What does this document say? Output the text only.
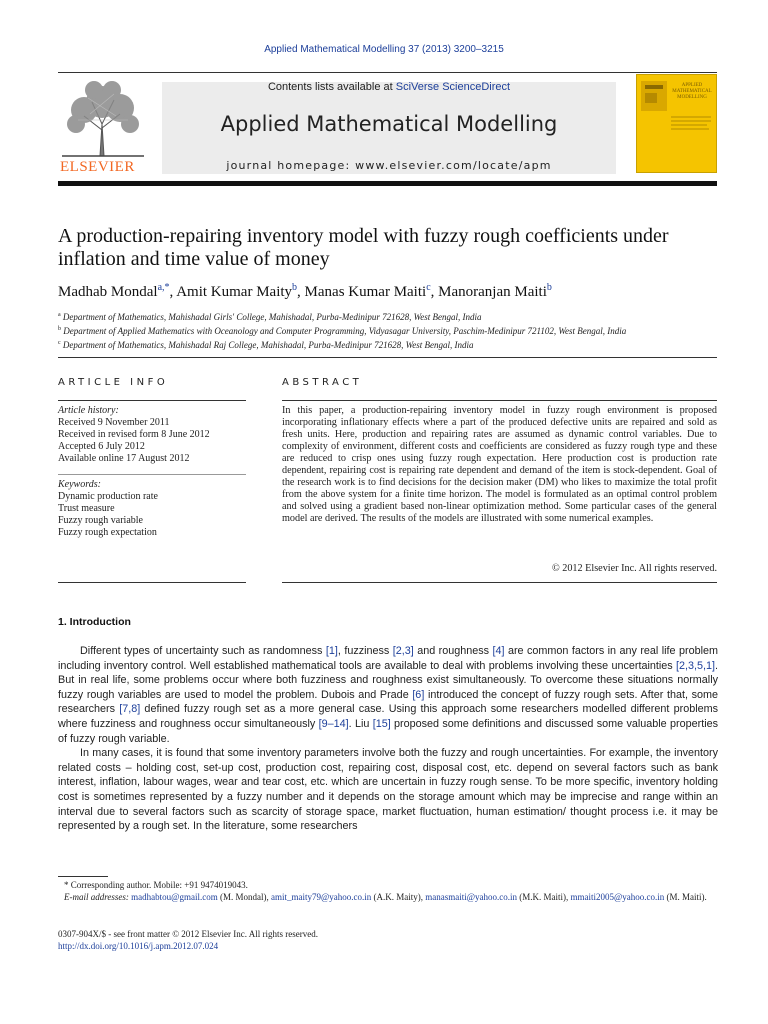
Applied Mathematical Modelling 37 (2013) 3200–3215
ELSEVIER
Contents lists available at SciVerse ScienceDirect
Applied Mathematical Modelling
journal homepage: www.elsevier.com/locate/apm
APPLIED MATHEMATICAL MODELLING
A production-repairing inventory model with fuzzy rough coefficients under inflation and time value of money
Madhab Mondal$^{a,*}$, Amit Kumar Maity$^b$, Manas Kumar Maiti$^c$, Manoranjan Maiti$^b$
$^a$ Department of Mathematics, Mahishadal Girls' College, Mahishadal, Purba-Medinipur 721628, West Bengal, India
$^b$ Department of Applied Mathematics with Oceanology and Computer Programming, Vidyasagar University, Paschim-Medinipur 721102, West Bengal, India
$^c$ Department of Mathematics, Mahishadal Raj College, Mahishadal, Purba-Medinipur 721628, West Bengal, India
ARTICLE INFO
Article history:
Received 9 November 2011
Received in revised form 8 June 2012
Accepted 6 July 2012
Available online 17 August 2012
Keywords:
Dynamic production rate
Trust measure
Fuzzy rough variable
Fuzzy rough expectation
ABSTRACT
In this paper, a production-repairing inventory model in fuzzy rough environment is proposed incorporating inflationary effects where a part of the produced defective units are repaired and sold as fresh units. Here, production and repairing rates are assumed as dynamic control variables. Due to complexity of environment, different costs and coefficients are considered as fuzzy rough type and these are reduced to crisp ones using fuzzy rough expectation. Here production cost is production rate dependent, repairing cost is repairing rate dependent and demand of the item is stock-dependent. Goal of the research work is to find decisions for the decision maker (DM) who likes to maximize the total profit from the above system for a finite time horizon. The model is formulated as an optimal control problem and solved using a gradient based non-linear optimization method. Some particular cases of the general model are derived. The results of the models are illustrated with some numerical examples.
© 2012 Elsevier Inc. All rights reserved.
1. Introduction

Different types of uncertainty such as randomness [1], fuzziness [2,3] and roughness [4] are common factors in any real life problem including inventory control. Well established mathematical tools are available to deal with problems involving these uncertainties [2,3,5,1]. But in real life, some problems occur where both fuzziness and roughness exist simultaneously. To overcome these situations normally fuzzy rough variables are used to model the problem. Dubois and Prade [6] introduced the concept of fuzzy rough sets. After that, some researchers [7,8] defined fuzzy rough set as a more general case. Using this approach some researchers modelled different problems where fuzziness and roughness occur simultaneously [9–14]. Liu [15] proposed some definitions and discussed some valuable properties of fuzzy rough variable.

In many cases, it is found that some inventory parameters involve both the fuzzy and rough uncertainties. For example, the inventory related costs – holding cost, set-up cost, production cost, repairing cost, disposal cost, etc. depend on several factors such as bank interest, inflation, labour wages, wear and tear cost, etc. which are uncertain in fuzzy rough sense. To be more specific, inventory holding cost is sometimes represented by a fuzzy number and it depends on the storage amount which may be imprecise and range within an interval due to several factors such as scarcity of storage space, market fluctuation, human estimation/ thought process i.e. it may be represented by a rough set. In the literature, some researchers

* Corresponding author. Mobile: +91 9474019043.
E-mail addresses: madhabtou@gmail.com (M. Mondal), amit_maity79@yahoo.co.in (A.K. Maity), manasmaiti@yahoo.co.in (M.K. Maiti), mmaiti2005@yahoo.co.in (M. Maiti).
0307-904X/$ - see front matter © 2012 Elsevier Inc. All rights reserved.
http://dx.doi.org/10.1016/j.apm.2012.07.024
